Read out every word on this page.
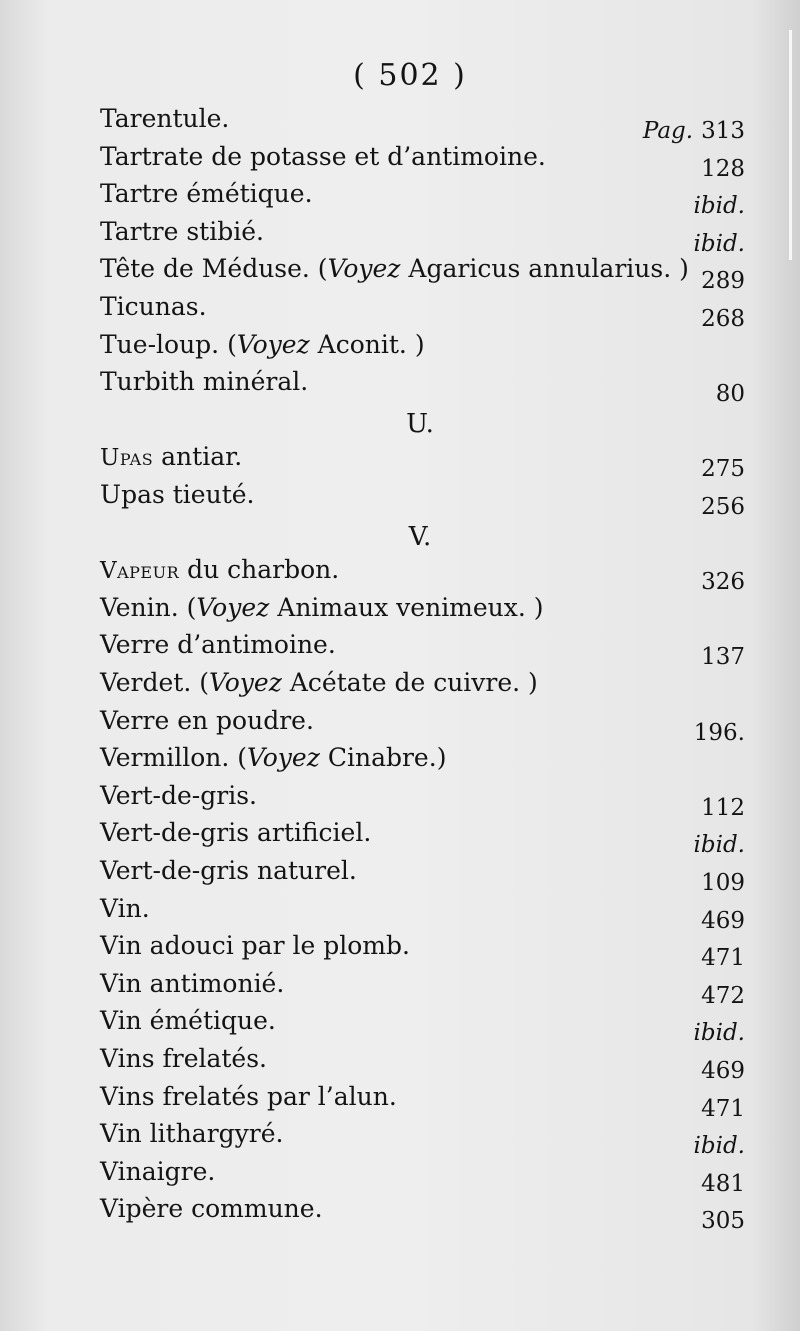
( 502 )
Tarentule.	Pag. 313
Tartrate de potasse et d’antimoine.	128
Tartre émétique.	ibid.
Tartre stibié.	ibid.
Tête de Méduse. (Voyez Agaricus annularius. ) 289
Ticunas.	268
Tue-loup. (Voyez Aconit. )
Turbith minéral.	80
U.
Upas antiar.	275
Upas tieuté.	256
V.
Vapeur du charbon.	326
Venin. (Voyez Animaux venimeux. )
Verre d’antimoine.	137
Verdet. (Voyez Acétate de cuivre. )
Verre en poudre.	196.
Vermillon. (Voyez Cinabre.)
Vert-de-gris.	112
Vert-de-gris artificiel.	ibid.
Vert-de-gris naturel.	109
Vin.	469
Vin adouci par le plomb.	471
Vin antimonié.	472
Vin émétique.	ibid.
Vins frelatés.	469
Vins frelatés par l’alun.	471
Vin lithargyré.	ibid.
Vinaigre.	481
Vipère commune.	305
